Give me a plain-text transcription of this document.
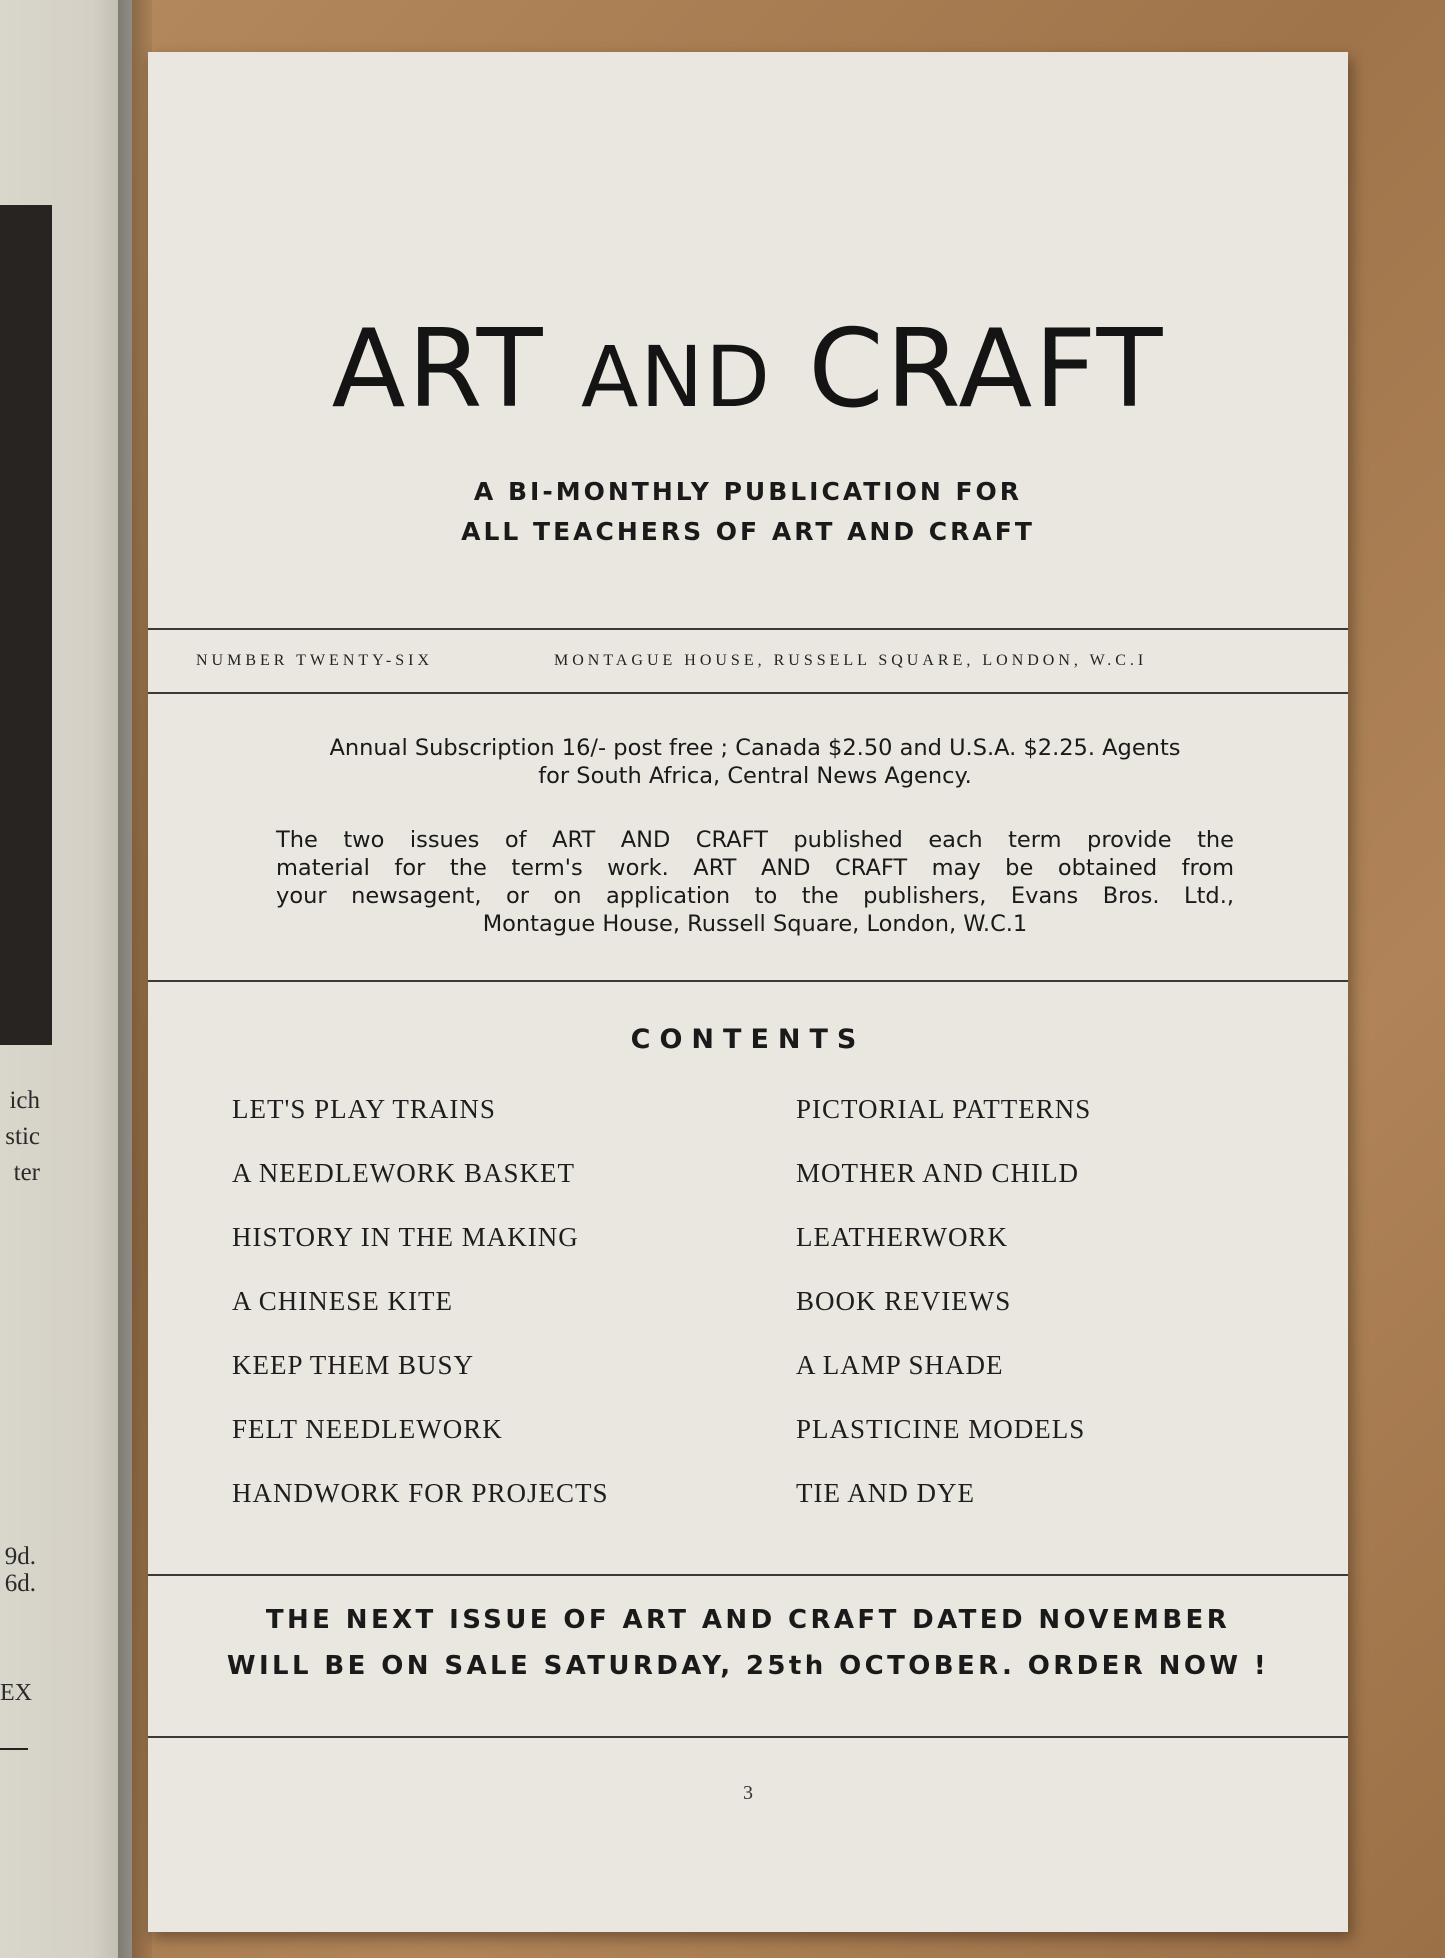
ich
stic
ter
9d.
6d.
EX
ART AND CRAFT
A BI-MONTHLY PUBLICATION FOR
ALL TEACHERS OF ART AND CRAFT
NUMBER TWENTY-SIX	MONTAGUE HOUSE, RUSSELL SQUARE, LONDON, W.C.I
Annual Subscription 16/- post free ; Canada $2.50 and U.S.A. $2.25. Agents
for South Africa, Central News Agency.
The two issues of ART AND CRAFT published each term provide the
material for the term's work. ART AND CRAFT may be obtained from
your newsagent, or on application to the publishers, Evans Bros. Ltd.,
Montague House, Russell Square, London, W.C.1
CONTENTS
LET'S PLAY TRAINS
A NEEDLEWORK BASKET
HISTORY IN THE MAKING
A CHINESE KITE
KEEP THEM BUSY
FELT NEEDLEWORK
HANDWORK FOR PROJECTS
PICTORIAL PATTERNS
MOTHER AND CHILD
LEATHERWORK
BOOK REVIEWS
A LAMP SHADE
PLASTICINE MODELS
TIE AND DYE
THE NEXT ISSUE OF ART AND CRAFT DATED NOVEMBER
WILL BE ON SALE SATURDAY, 25th OCTOBER. ORDER NOW !
3
